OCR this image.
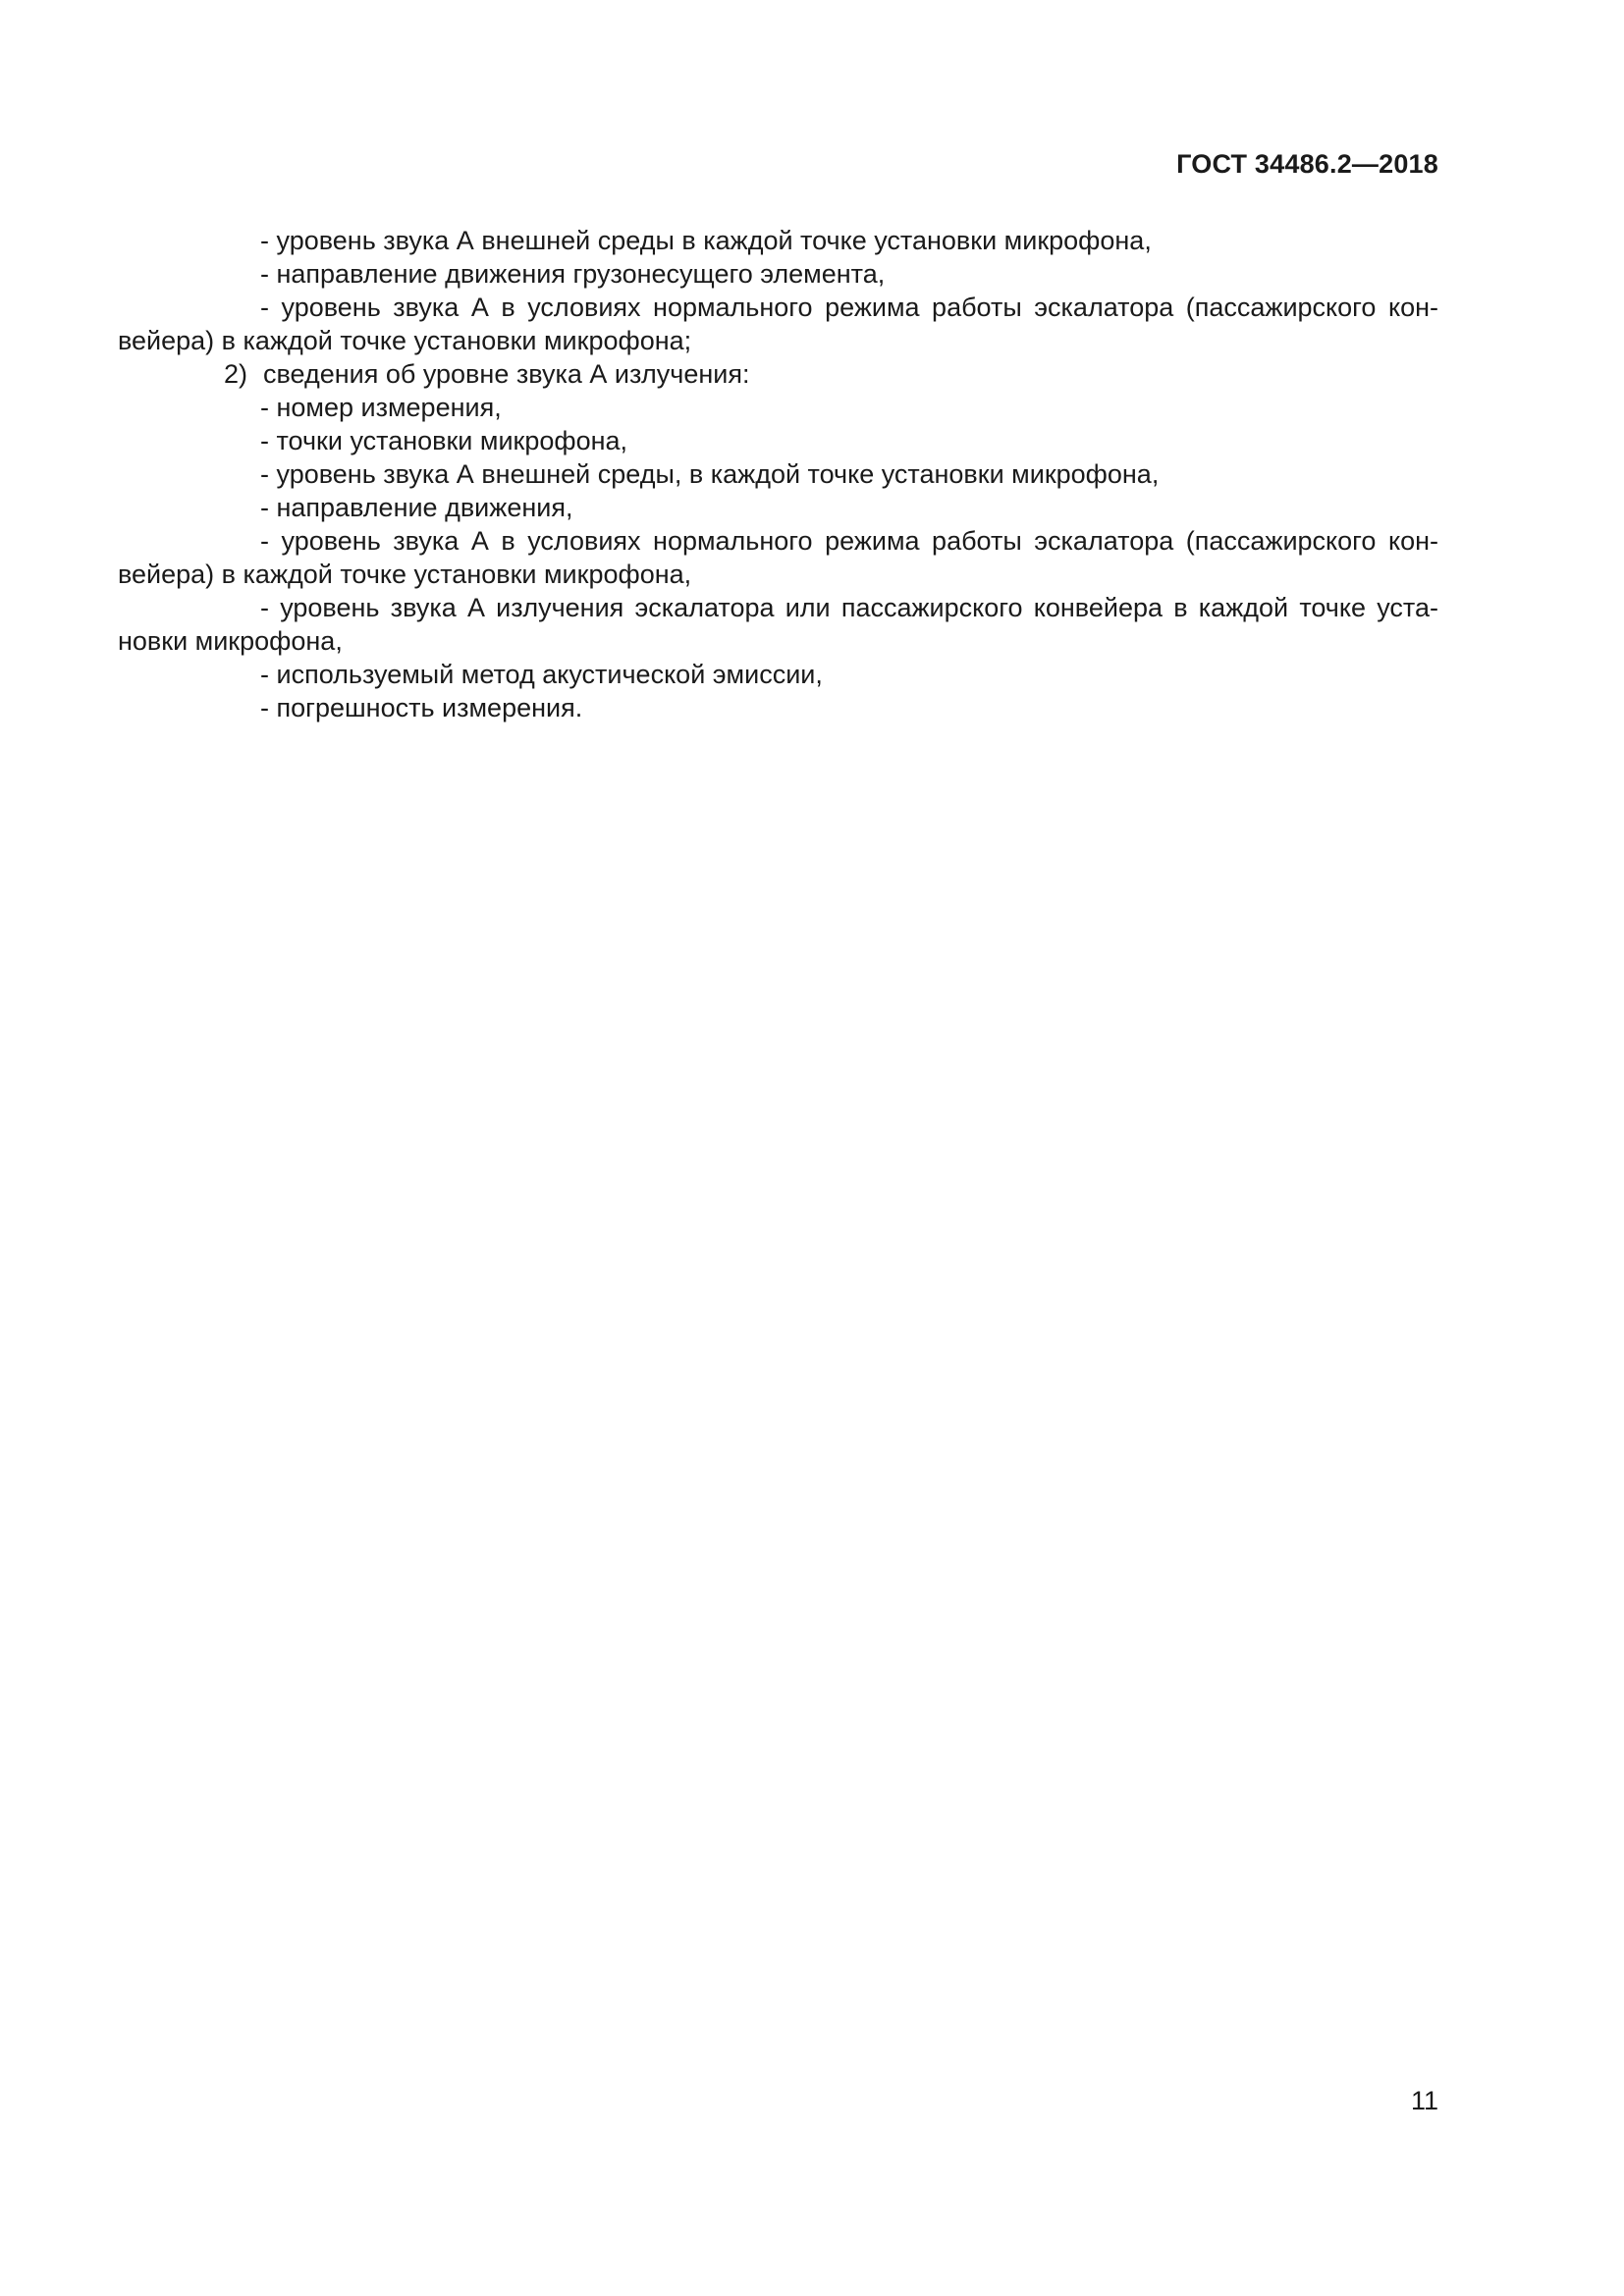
ГОСТ 34486.2—2018

- уровень звука А внешней среды в каждой точке установки микрофона,

- направление движения грузонесущего элемента,

- уровень звука А в условиях нормального режима работы эскалатора (пассажирского кон-

вейера) в каждой точке установки микрофона;

2) сведения об уровне звука А излучения:

- номер измерения,

- точки установки микрофона,

- уровень звука А внешней среды, в каждой точке установки микрофона,

- направление движения,

- уровень звука А в условиях нормального режима работы эскалатора (пассажирского кон-

вейера) в каждой точке установки микрофона,

- уровень звука А излучения эскалатора или пассажирского конвейера в каждой точке уста-

новки микрофона,

- используемый метод акустической эмиссии,

- погрешность измерения.

11
